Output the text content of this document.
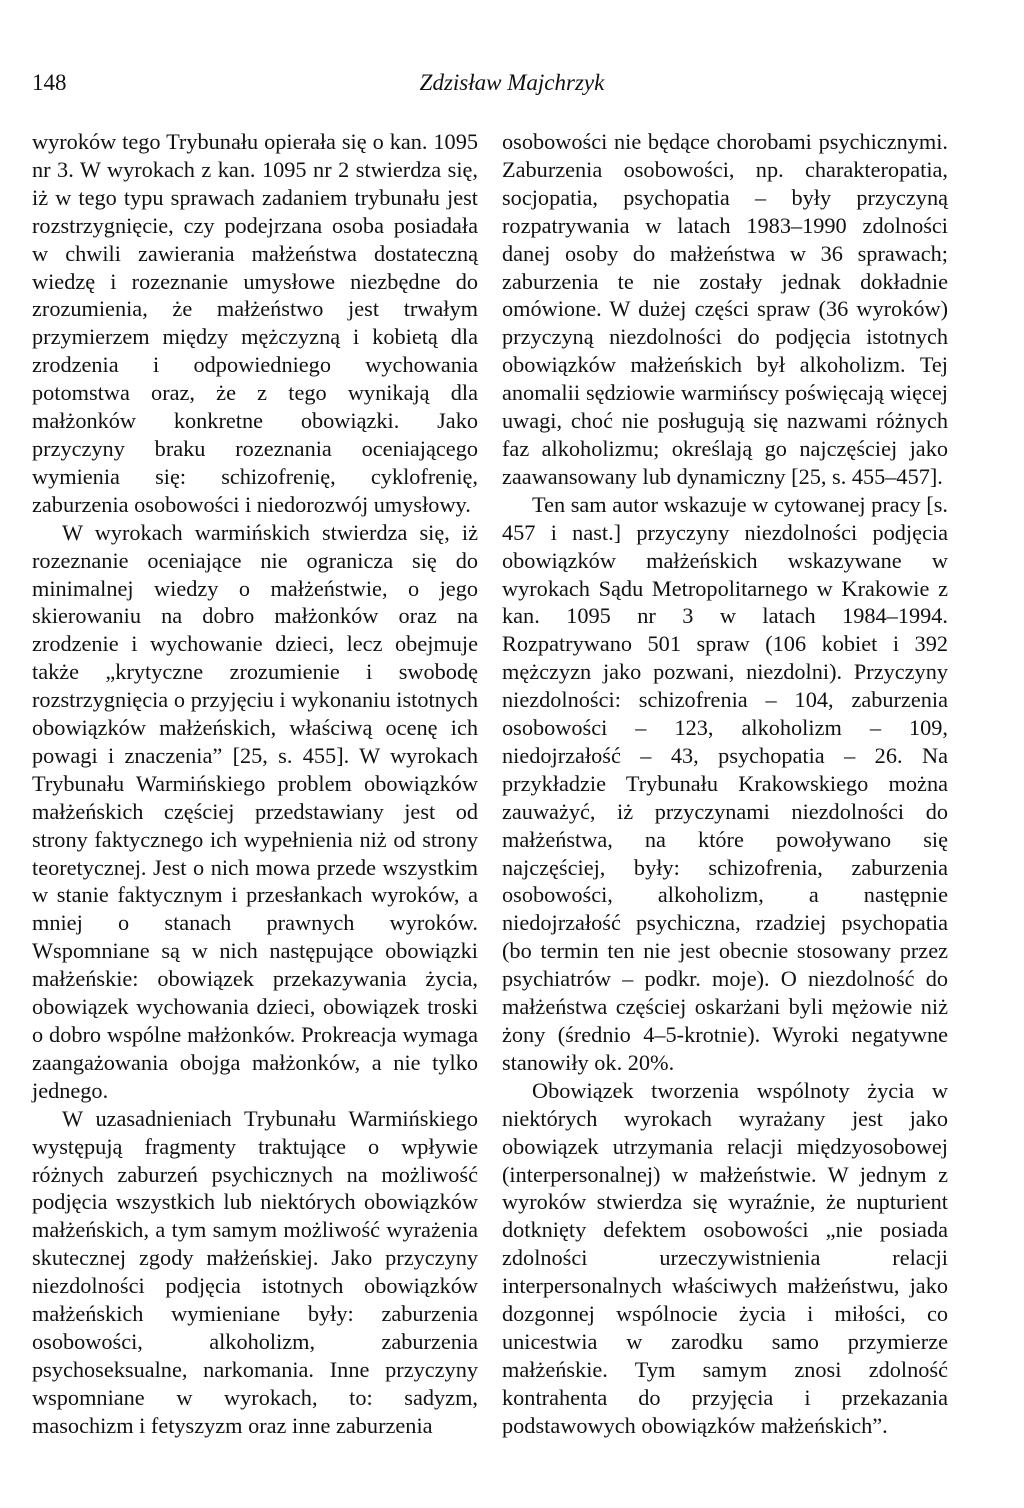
148	Zdzisław Majchrzyk

wyroków tego Trybunału opierała się o kan. 1095 nr 3. W wyrokach z kan. 1095 nr 2 stwierdza się, iż w tego typu sprawach zadaniem trybunału jest rozstrzygnięcie, czy podejrzana osoba posiadała w chwili zawierania małżeństwa dostateczną wiedzę i rozeznanie umysłowe niezbędne do zrozumienia, że małżeństwo jest trwałym przymierzem między mężczyzną i kobietą dla zrodzenia i odpowiedniego wychowania potomstwa oraz, że z tego wynikają dla małżonków konkretne obowiązki. Jako przyczyny braku rozeznania oceniającego wymienia się: schizofrenię, cyklofrenię, zaburzenia osobowości i niedorozwój umysłowy.

W wyrokach warmińskich stwierdza się, iż rozeznanie oceniające nie ogranicza się do minimalnej wiedzy o małżeństwie, o jego skierowaniu na dobro małżonków oraz na zrodzenie i wychowanie dzieci, lecz obejmuje także „krytyczne zrozumienie i swobodę rozstrzygnięcia o przyjęciu i wykonaniu istotnych obowiązków małżeńskich, właściwą ocenę ich powagi i znaczenia” [25, s. 455]. W wyrokach Trybunału Warmińskiego problem obowiązków małżeńskich częściej przedstawiany jest od strony faktycznego ich wypełnienia niż od strony teoretycznej. Jest o nich mowa przede wszystkim w stanie faktycznym i przesłankach wyroków, a mniej o stanach prawnych wyroków. Wspomniane są w nich następujące obowiązki małżeńskie: obowiązek przekazywania życia, obowiązek wychowania dzieci, obowiązek troski o dobro wspólne małżonków. Prokreacja wymaga zaangażowania obojga małżonków, a nie tylko jednego.

W uzasadnieniach Trybunału Warmińskiego występują fragmenty traktujące o wpływie różnych zaburzeń psychicznych na możliwość podjęcia wszystkich lub niektórych obowiązków małżeńskich, a tym samym możliwość wyrażenia skutecznej zgody małżeńskiej. Jako przyczyny niezdolności podjęcia istotnych obowiązków małżeńskich wymieniane były: zaburzenia osobowości, alkoholizm, zaburzenia psychoseksualne, narkomania. Inne przyczyny wspomniane w wyrokach, to: sadyzm, masochizm i fetyszyzm oraz inne zaburzenia

osobowości nie będące chorobami psychicznymi. Zaburzenia osobowości, np. charakteropatia, socjopatia, psychopatia – były przyczyną rozpatrywania w latach 1983–1990 zdolności danej osoby do małżeństwa w 36 sprawach; zaburzenia te nie zostały jednak dokładnie omówione. W dużej części spraw (36 wyroków) przyczyną niezdolności do podjęcia istotnych obowiązków małżeńskich był alkoholizm. Tej anomalii sędziowie warmińscy poświęcają więcej uwagi, choć nie posługują się nazwami różnych faz alkoholizmu; określają go najczęściej jako zaawansowany lub dynamiczny [25, s. 455–457].

Ten sam autor wskazuje w cytowanej pracy [s. 457 i nast.] przyczyny niezdolności podjęcia obowiązków małżeńskich wskazywane w wyrokach Sądu Metropolitarnego w Krakowie z kan. 1095 nr 3 w latach 1984–1994. Rozpatrywano 501 spraw (106 kobiet i 392 mężczyzn jako pozwani, niezdolni). Przyczyny niezdolności: schizofrenia – 104, zaburzenia osobowości – 123, alkoholizm – 109, niedojrzałość – 43, psychopatia – 26. Na przykładzie Trybunału Krakowskiego można zauważyć, iż przyczynami niezdolności do małżeństwa, na które powoływano się najczęściej, były: schizofrenia, zaburzenia osobowości, alkoholizm, a następnie niedojrzałość psychiczna, rzadziej psychopatia (bo termin ten nie jest obecnie stosowany przez psychiatrów – podkr. moje). O niezdolność do małżeństwa częściej oskarżani byli mężowie niż żony (średnio 4–5-krotnie). Wyroki negatywne stanowiły ok. 20%.

Obowiązek tworzenia wspólnoty życia w niektórych wyrokach wyrażany jest jako obowiązek utrzymania relacji międzyosobowej (interpersonalnej) w małżeństwie. W jednym z wyroków stwierdza się wyraźnie, że nupturient dotknięty defektem osobowości „nie posiada zdolności urzeczywistnienia relacji interpersonalnych właściwych małżeństwu, jako dozgonnej wspólnocie życia i miłości, co unicestwia w zarodku samo przymierze małżeńskie. Tym samym znosi zdolność kontrahenta do przyjęcia i przekazania podstawowych obowiązków małżeńskich”.
